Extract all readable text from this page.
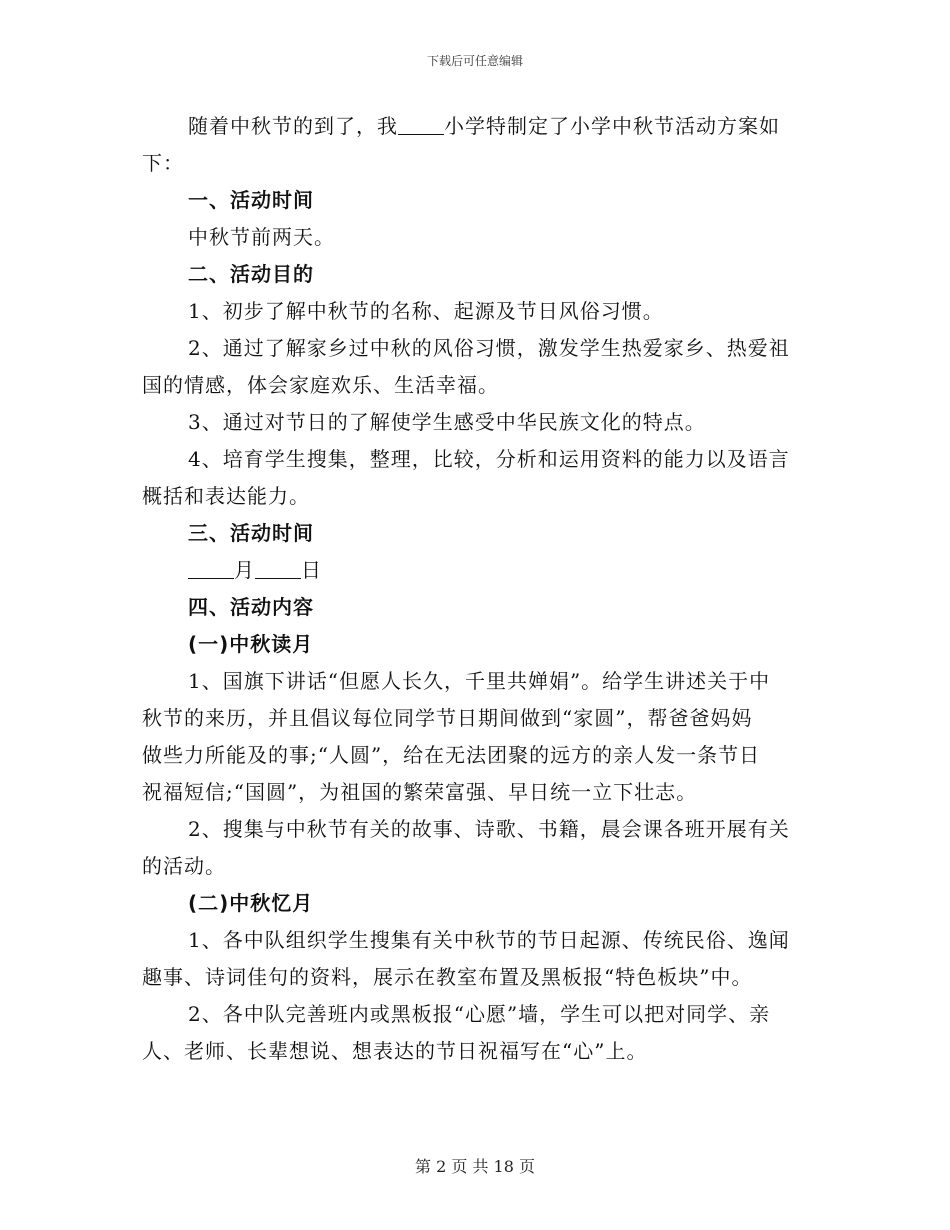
下载后可任意编辑
随着中秋节的到了，我 小学特制定了小学中秋节活动方案如
下：
一、活动时间
中秋节前两天。
二、活动目的
1、初步了解中秋节的名称、起源及节日风俗习惯。
2、通过了解家乡过中秋的风俗习惯，激发学生热爱家乡、热爱祖
国的情感，体会家庭欢乐、生活幸福。
3、通过对节日的了解使学生感受中华民族文化的特点。
4、培育学生搜集，整理，比较，分析和运用资料的能力以及语言
概括和表达能力。
三、活动时间
月 日
四、活动内容
(一)中秋读月
1、国旗下讲话“但愿人长久，千里共婵娟”。给学生讲述关于中
秋节的来历，并且倡议每位同学节日期间做到“家圆”，帮爸爸妈妈
做些力所能及的事;“人圆”，给在无法团聚的远方的亲人发一条节日
祝福短信;“国圆”，为祖国的繁荣富强、早日统一立下壮志。
2、搜集与中秋节有关的故事、诗歌、书籍，晨会课各班开展有关
的活动。
(二)中秋忆月
1、各中队组织学生搜集有关中秋节的节日起源、传统民俗、逸闻
趣事、诗词佳句的资料，展示在教室布置及黑板报“特色板块”中。
2、各中队完善班内或黑板报“心愿”墙，学生可以把对同学、亲
人、老师、长辈想说、想表达的节日祝福写在“心”上。
第 2 页 共 18 页
